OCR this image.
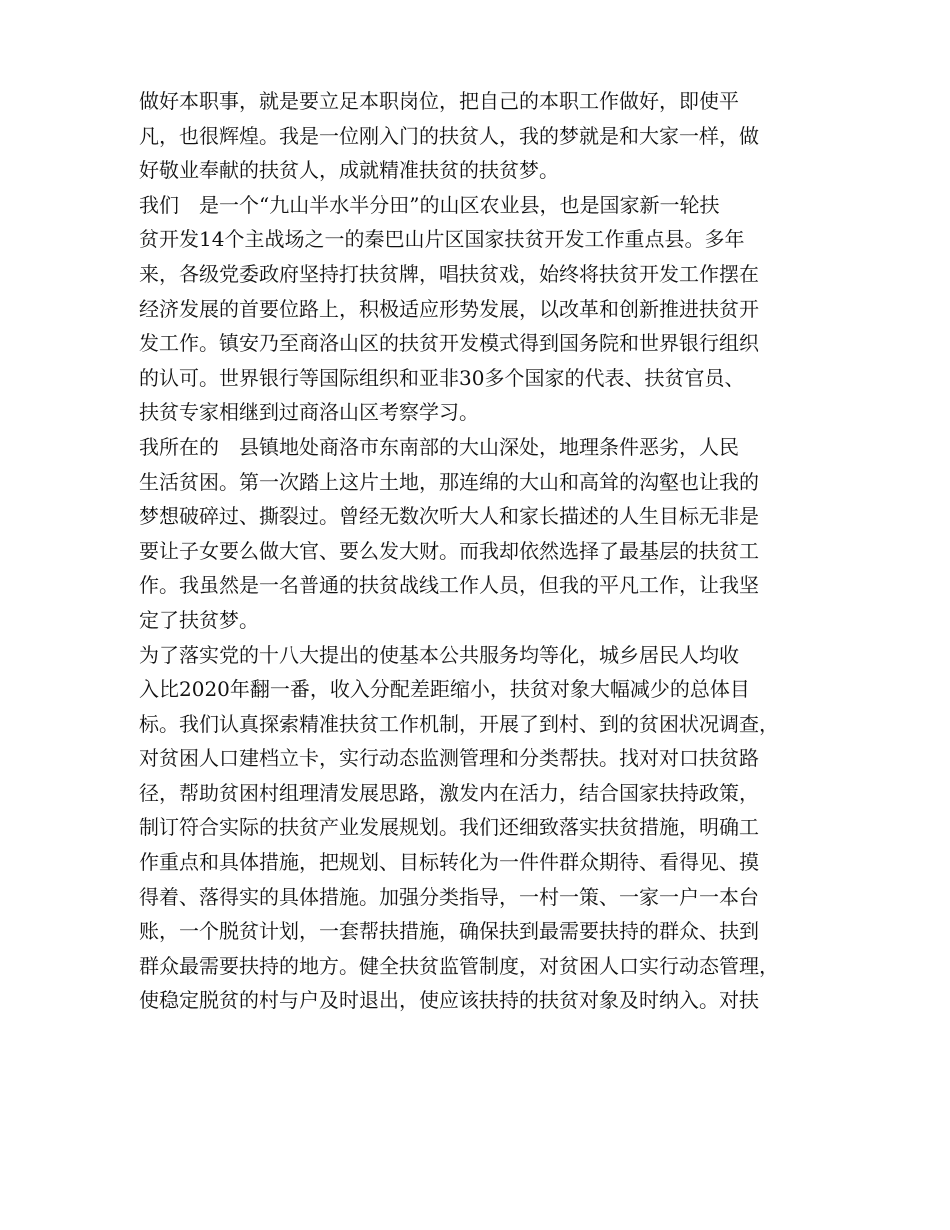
做好本职事，就是要立足本职岗位，把自己的本职工作做好，即使平
凡，也很辉煌。我是一位刚入门的扶贫人，我的梦就是和大家一样，做
好敬业奉献的扶贫人，成就精准扶贫的扶贫梦。
我们　是一个“九山半水半分田”的山区农业县，也是国家新一轮扶
贫开发14个主战场之一的秦巴山片区国家扶贫开发工作重点县。多年
来，各级党委政府坚持打扶贫牌，唱扶贫戏，始终将扶贫开发工作摆在
经济发展的首要位路上，积极适应形势发展，以改革和创新推进扶贫开
发工作。镇安乃至商洛山区的扶贫开发模式得到国务院和世界银行组织
的认可。世界银行等国际组织和亚非30多个国家的代表、扶贫官员、
扶贫专家相继到过商洛山区考察学习。
我所在的　县镇地处商洛市东南部的大山深处，地理条件恶劣，人民
生活贫困。第一次踏上这片土地，那连绵的大山和高耸的沟壑也让我的
梦想破碎过、撕裂过。曾经无数次听大人和家长描述的人生目标无非是
要让子女要么做大官、要么发大财。而我却依然选择了最基层的扶贫工
作。我虽然是一名普通的扶贫战线工作人员，但我的平凡工作，让我坚
定了扶贫梦。
为了落实党的十八大提出的使基本公共服务均等化，城乡居民人均收
入比2020年翻一番，收入分配差距缩小，扶贫对象大幅减少的总体目
标。我们认真探索精准扶贫工作机制，开展了到村、到的贫困状况调查，
对贫困人口建档立卡，实行动态监测管理和分类帮扶。找对对口扶贫路
径，帮助贫困村组理清发展思路，激发内在活力，结合国家扶持政策，
制订符合实际的扶贫产业发展规划。我们还细致落实扶贫措施，明确工
作重点和具体措施，把规划、目标转化为一件件群众期待、看得见、摸
得着、落得实的具体措施。加强分类指导，一村一策、一家一户一本台
账，一个脱贫计划，一套帮扶措施，确保扶到最需要扶持的群众、扶到
群众最需要扶持的地方。健全扶贫监管制度，对贫困人口实行动态管理，
使稳定脱贫的村与户及时退出，使应该扶持的扶贫对象及时纳入。对扶
